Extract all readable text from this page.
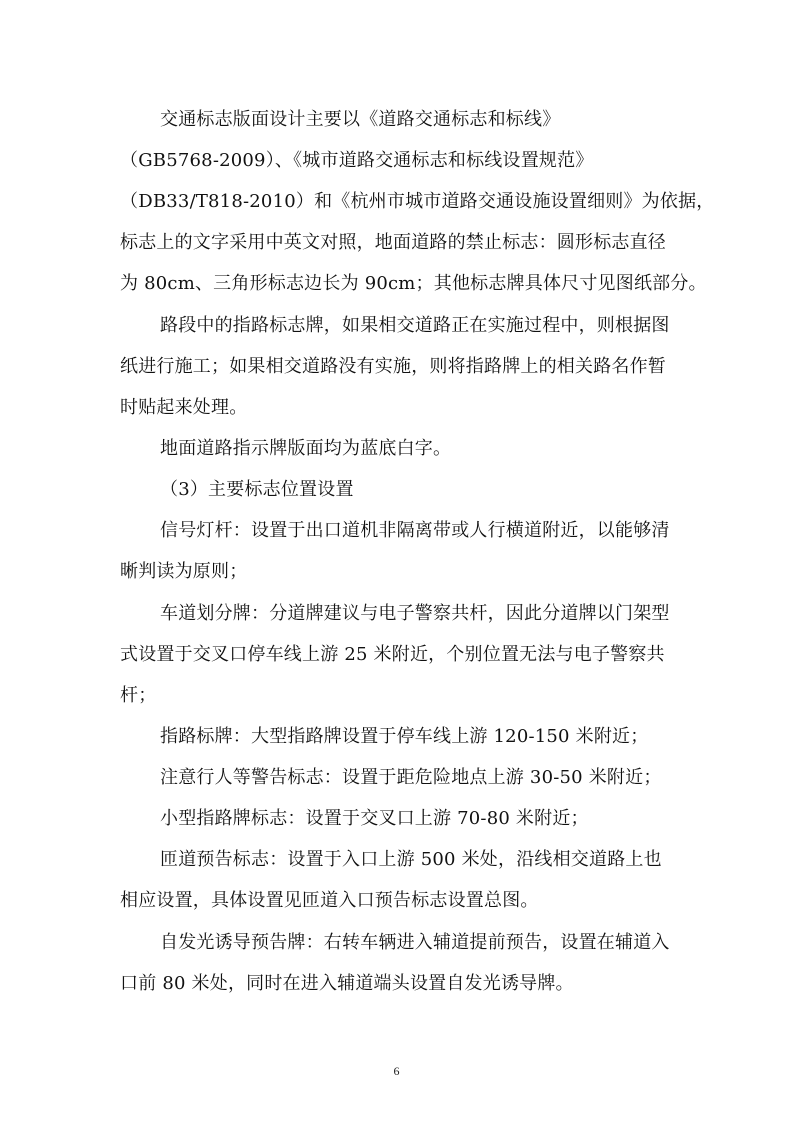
交通标志版面设计主要以《道路交通标志和标线》
（GB5768-2009）、《城市道路交通标志和标线设置规范》
（DB33/T818-2010）和《杭州市城市道路交通设施设置细则》为依据，
标志上的文字采用中英文对照，地面道路的禁止标志：圆形标志直径
为 80cm、三角形标志边长为 90cm；其他标志牌具体尺寸见图纸部分。
路段中的指路标志牌，如果相交道路正在实施过程中，则根据图
纸进行施工；如果相交道路没有实施，则将指路牌上的相关路名作暂
时贴起来处理。
地面道路指示牌版面均为蓝底白字。
（3）主要标志位置设置
信号灯杆：设置于出口道机非隔离带或人行横道附近，以能够清
晰判读为原则；
车道划分牌：分道牌建议与电子警察共杆，因此分道牌以门架型
式设置于交叉口停车线上游 25 米附近，个别位置无法与电子警察共
杆；
指路标牌：大型指路牌设置于停车线上游 120-150 米附近；
注意行人等警告标志：设置于距危险地点上游 30-50 米附近；
小型指路牌标志：设置于交叉口上游 70-80 米附近；
匝道预告标志：设置于入口上游 500 米处，沿线相交道路上也
相应设置，具体设置见匝道入口预告标志设置总图。
自发光诱导预告牌：右转车辆进入辅道提前预告，设置在辅道入
口前 80 米处，同时在进入辅道端头设置自发光诱导牌。
6
